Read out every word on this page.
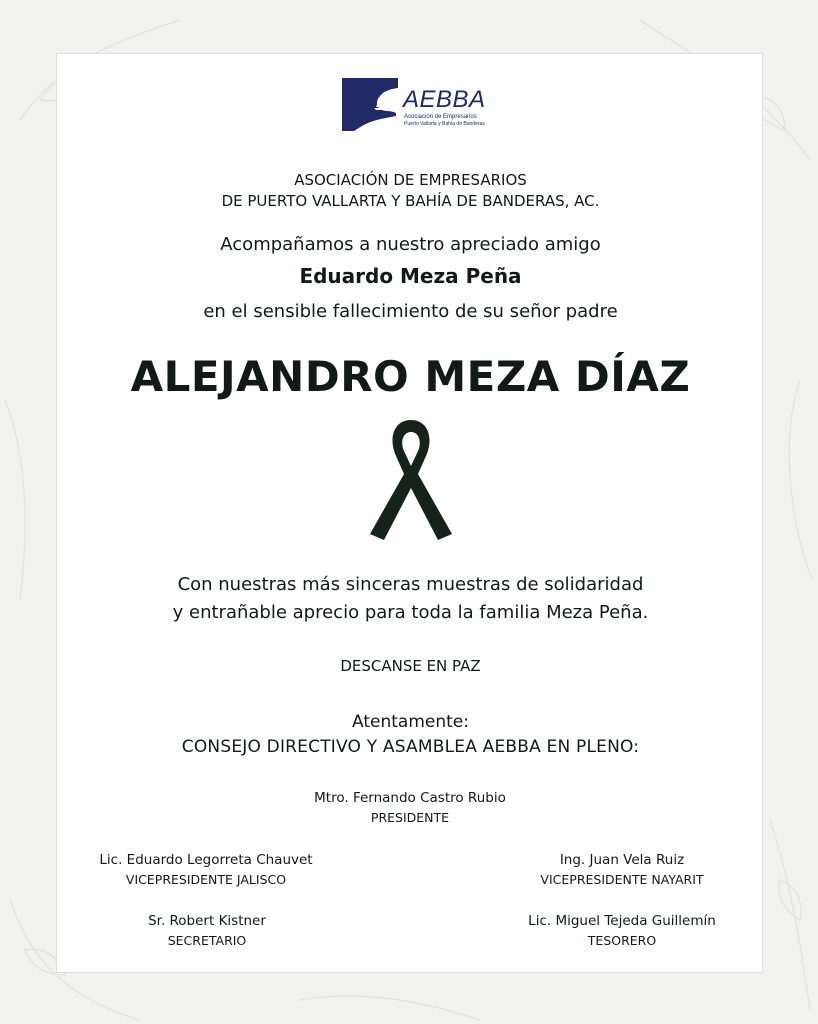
AEBBA
Asociación de Empresarios
Puerto Vallarta y Bahía de Banderas
ASOCIACIÓN DE EMPRESARIOS
DE PUERTO VALLARTA Y BAHÍA DE BANDERAS, AC.
Acompañamos a nuestro apreciado amigo
Eduardo Meza Peña
en el sensible fallecimiento de su señor padre
ALEJANDRO MEZA DÍAZ
Con nuestras más sinceras muestras de solidaridad
y entrañable aprecio para toda la familia Meza Peña.
DESCANSE EN PAZ
Atentamente:
CONSEJO DIRECTIVO Y ASAMBLEA AEBBA EN PLENO:
Mtro. Fernando Castro Rubio
PRESIDENTE
Lic. Eduardo Legorreta Chauvet
VICEPRESIDENTE JALISCO
Ing. Juan Vela Ruiz
VICEPRESIDENTE NAYARIT
Sr. Robert Kistner
SECRETARIO
Lic. Miguel Tejeda Guillemín
TESORERO
